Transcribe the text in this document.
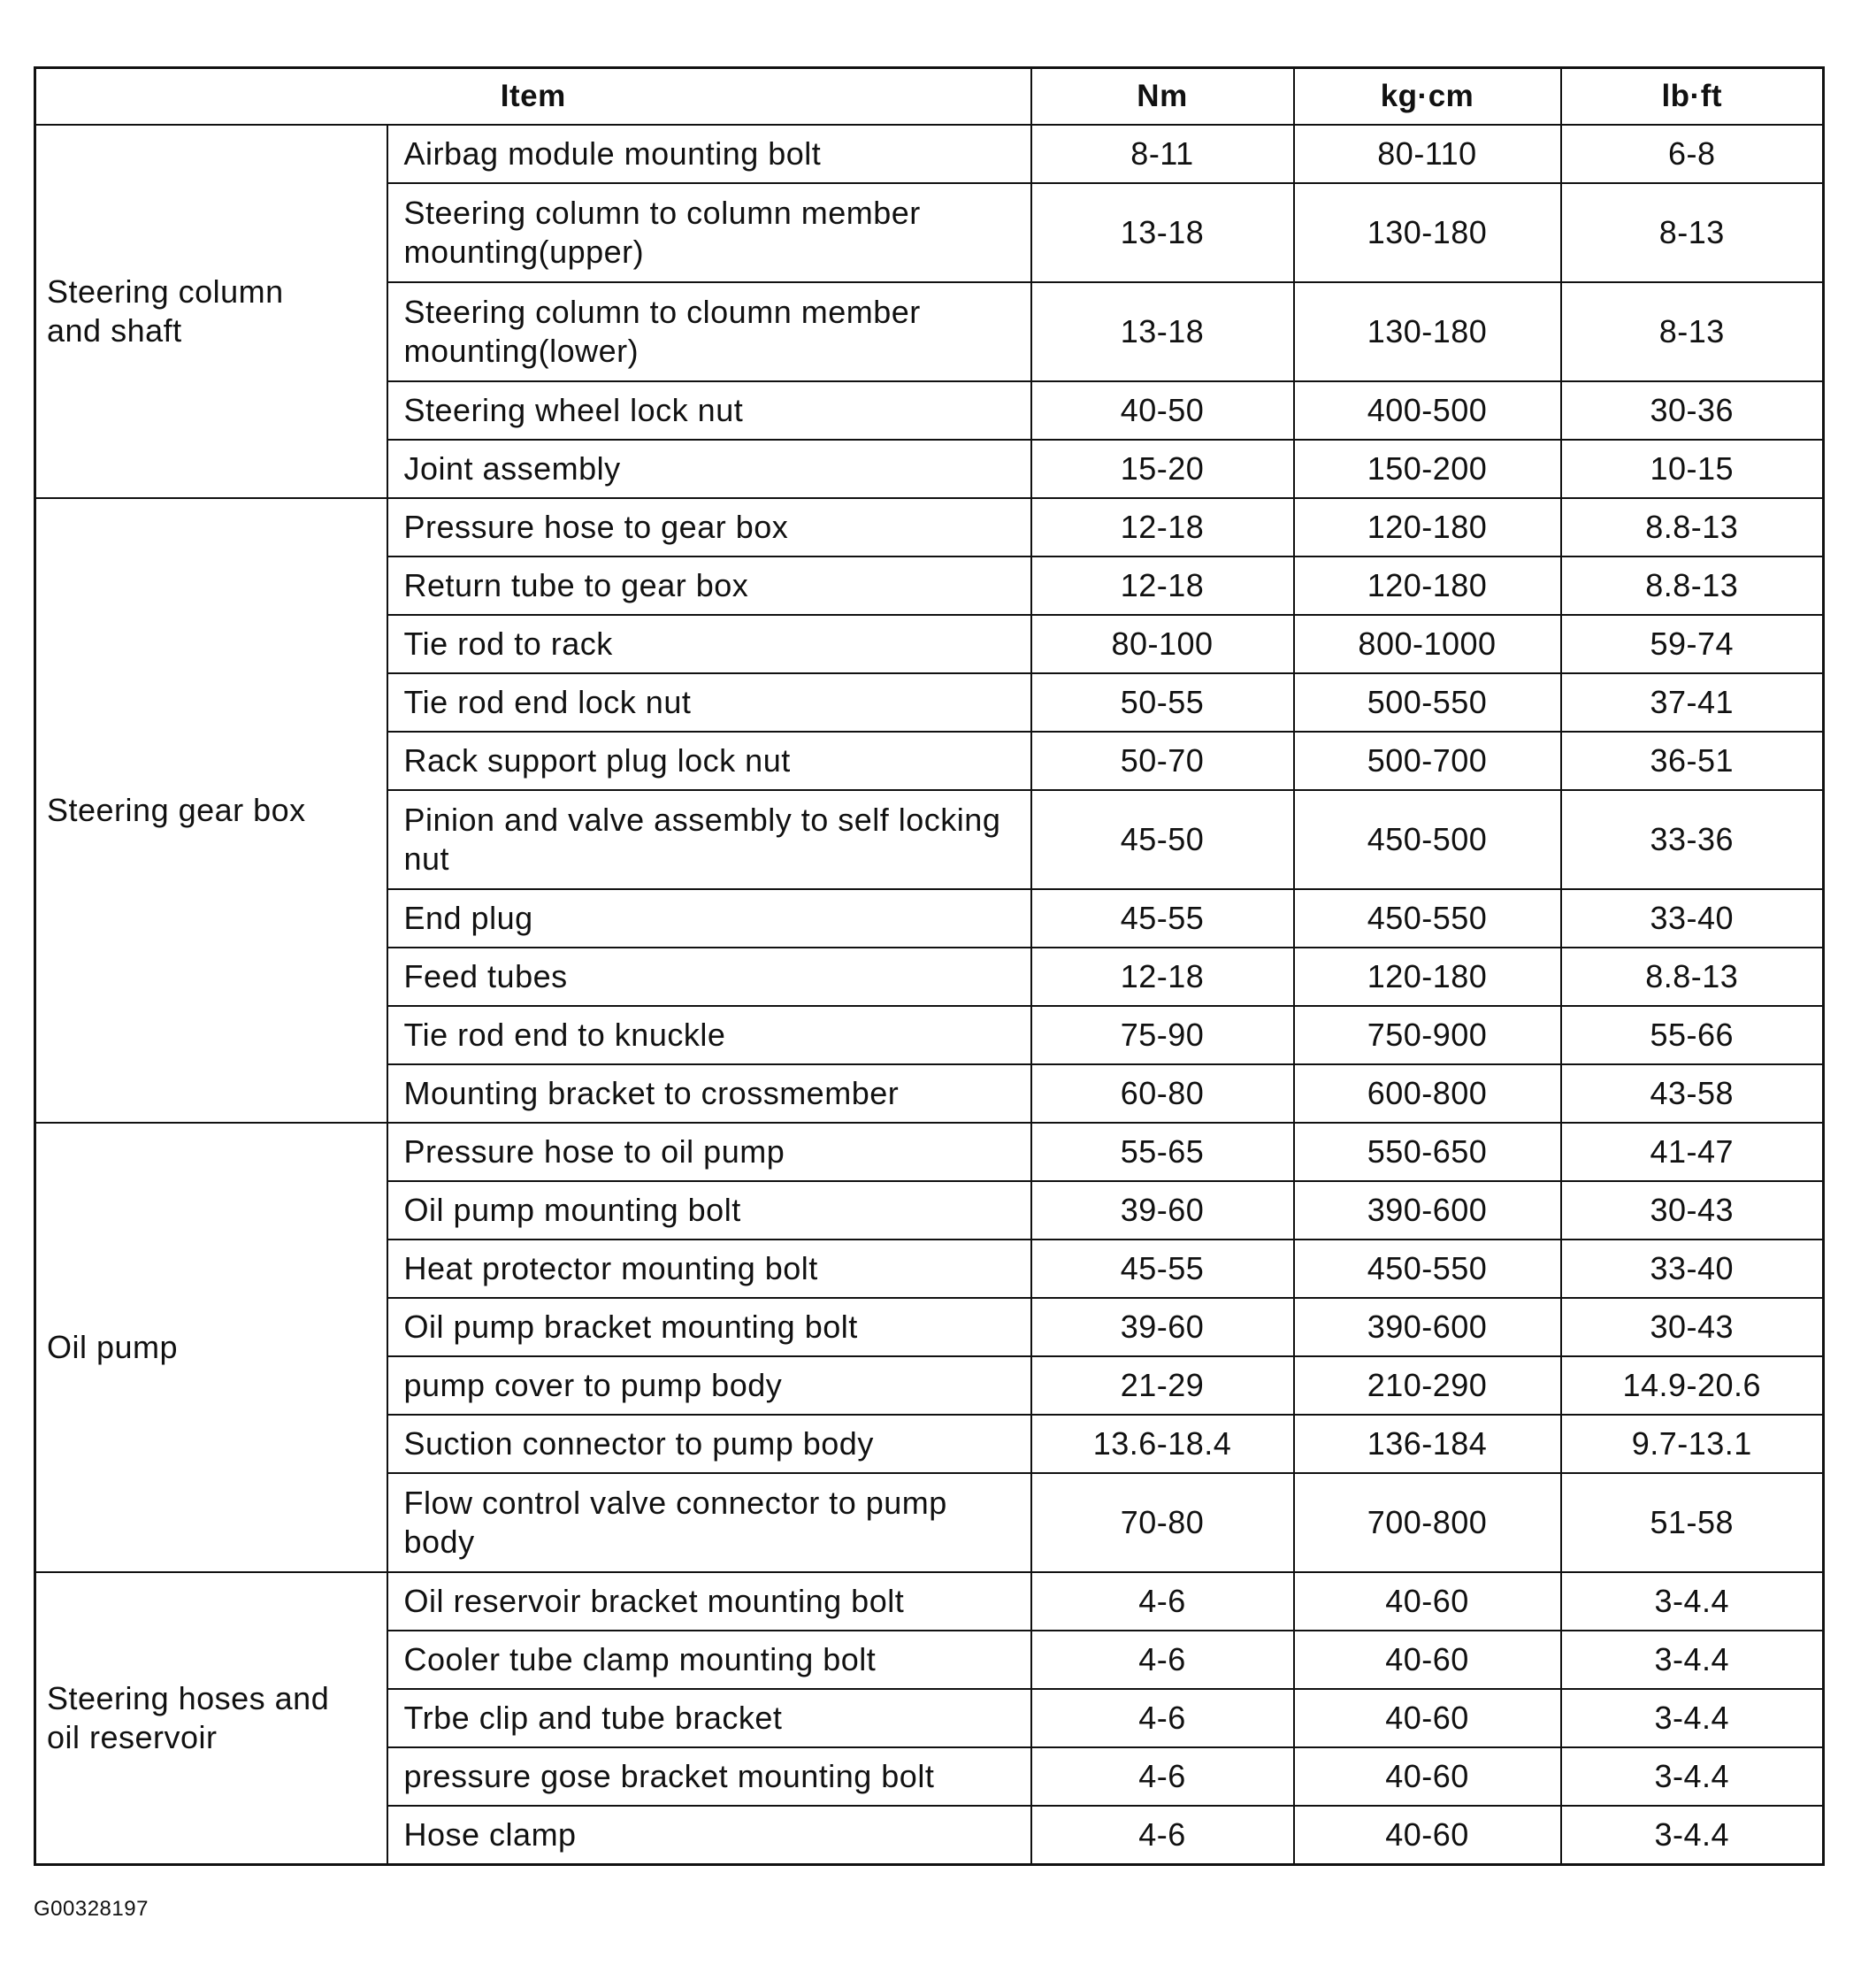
Item		Nm	kg·cm	lb·ft
Steering column and shaft	Airbag module mounting bolt	8-11	80-110	6-8
	Steering column to column member mounting(upper)	13-18	130-180	8-13
	Steering column to cloumn member mounting(lower)	13-18	130-180	8-13
	Steering wheel lock nut	40-50	400-500	30-36
	Joint assembly	15-20	150-200	10-15
Steering gear box	Pressure hose to gear box	12-18	120-180	8.8-13
	Return tube to gear box	12-18	120-180	8.8-13
	Tie rod to rack	80-100	800-1000	59-74
	Tie rod end lock nut	50-55	500-550	37-41
	Rack support plug lock nut	50-70	500-700	36-51
	Pinion and valve assembly to self locking nut	45-50	450-500	33-36
	End plug	45-55	450-550	33-40
	Feed tubes	12-18	120-180	8.8-13
	Tie rod end to knuckle	75-90	750-900	55-66
	Mounting bracket to crossmember	60-80	600-800	43-58
Oil pump	Pressure hose to oil pump	55-65	550-650	41-47
	Oil pump mounting bolt	39-60	390-600	30-43
	Heat protector mounting bolt	45-55	450-550	33-40
	Oil pump bracket mounting bolt	39-60	390-600	30-43
	pump cover to pump body	21-29	210-290	14.9-20.6
	Suction connector to pump body	13.6-18.4	136-184	9.7-13.1
	Flow control valve connector to pump body	70-80	700-800	51-58
Steering hoses and oil reservoir	Oil reservoir bracket mounting bolt	4-6	40-60	3-4.4
	Cooler tube clamp mounting bolt	4-6	40-60	3-4.4
	Trbe clip and tube bracket	4-6	40-60	3-4.4
	pressure gose bracket mounting bolt	4-6	40-60	3-4.4
	Hose clamp	4-6	40-60	3-4.4
G00328197
